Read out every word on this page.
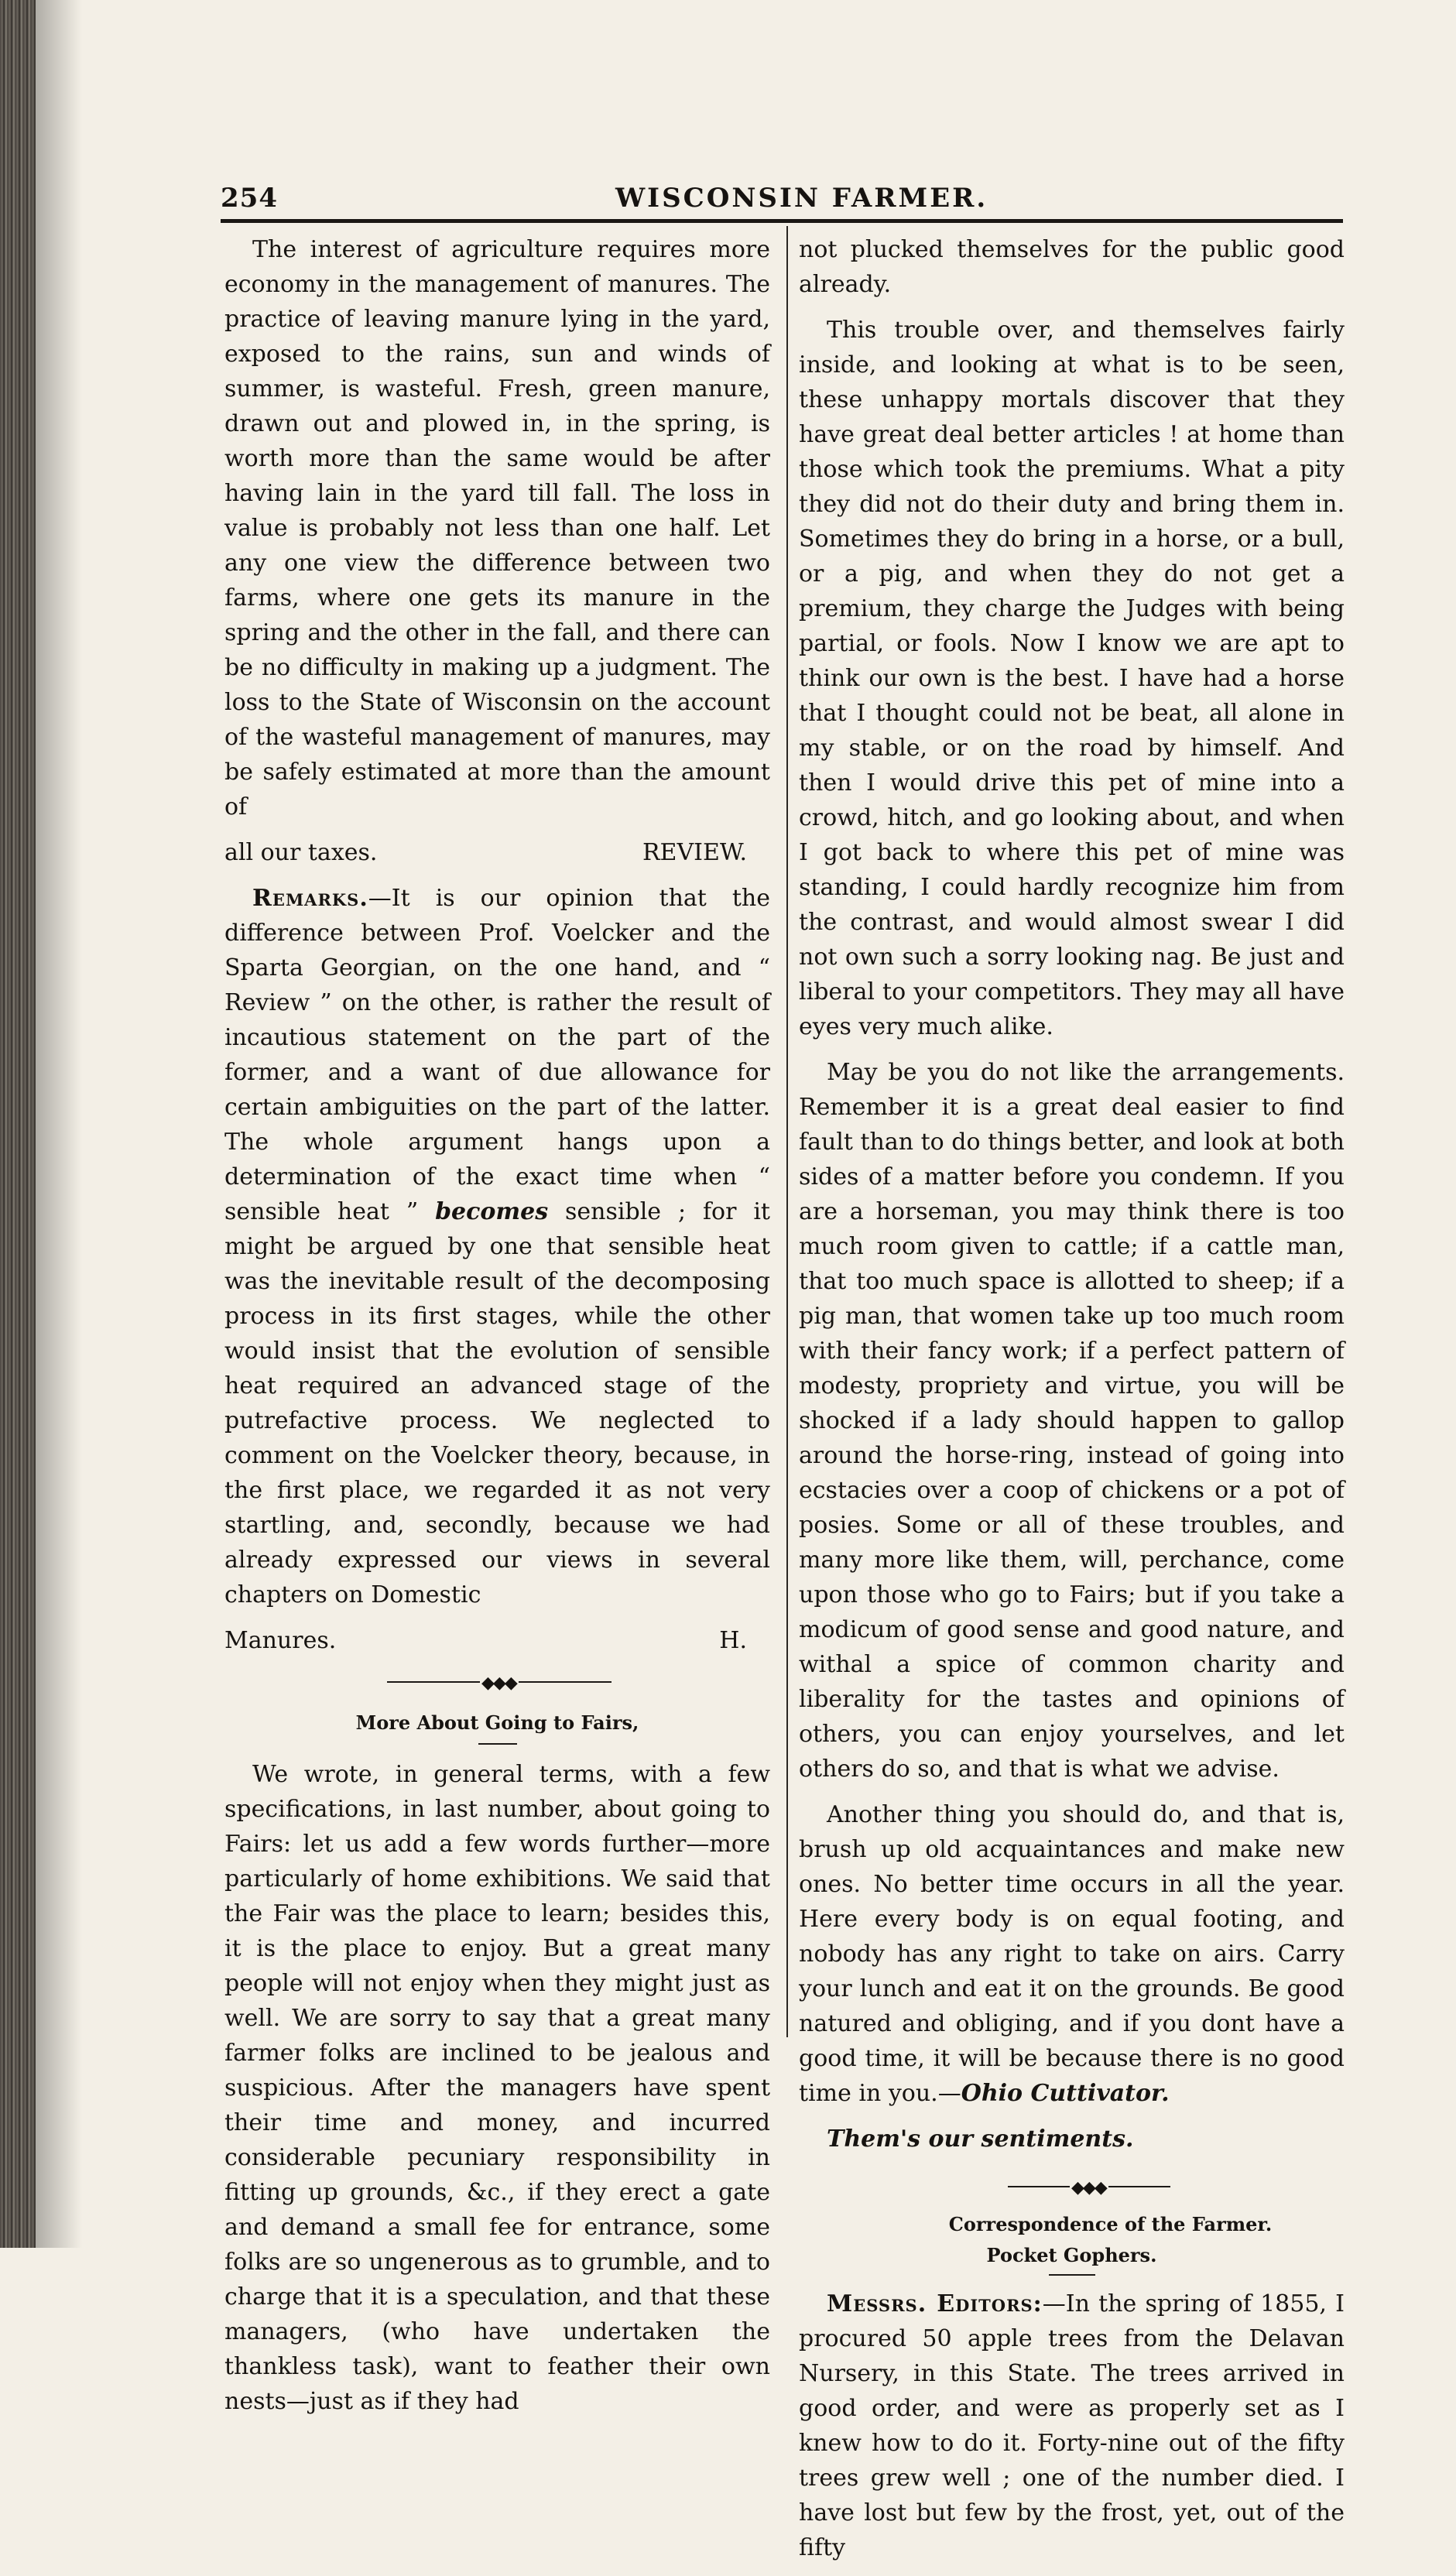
254	WISCONSIN FARMER.

The interest of agriculture requires more economy in the management of manures. The practice of leaving manure lying in the yard, exposed to the rains, sun and winds of summer, is wasteful. Fresh, green manure, drawn out and plowed in, in the spring, is worth more than the same would be after having lain in the yard till fall. The loss in value is probably not less than one half. Let any one view the difference between two farms, where one gets its manure in the spring and the other in the fall, and there can be no difficulty in making up a judgment. The loss to the State of Wisconsin on the account of the wasteful management of manures, may be safely estimated at more than the amount of

all our taxes.	REVIEW.

Remarks.—It is our opinion that the difference between Prof. Voelcker and the Sparta Georgian, on the one hand, and “ Review ” on the other, is rather the result of incautious statement on the part of the former, and a want of due allowance for certain ambiguities on the part of the latter. The whole argument hangs upon a determination of the exact time when “ sensible heat ” becomes sensible ; for it might be argued by one that sensible heat was the inevitable result of the decomposing process in its first stages, while the other would insist that the evolution of sensible heat required an advanced stage of the putrefactive process. We neglected to comment on the Voelcker theory, because, in the first place, we regarded it as not very startling, and, secondly, because we had already expressed our views in several chapters on Domestic

Manures.	H.
◆◆◆
More About Going to Fairs,

We wrote, in general terms, with a few specifications, in last number, about going to Fairs: let us add a few words further—more particularly of home exhibitions. We said that the Fair was the place to learn; besides this, it is the place to enjoy. But a great many people will not enjoy when they might just as well. We are sorry to say that a great many farmer folks are inclined to be jealous and suspicious. After the managers have spent their time and money, and incurred considerable pecuniary responsibility in fitting up grounds, &c., if they erect a gate and demand a small fee for entrance, some folks are so ungenerous as to grumble, and to charge that it is a speculation, and that these managers, (who have undertaken the thankless task), want to feather their own nests—just as if they had

not plucked themselves for the public good already.

This trouble over, and themselves fairly inside, and looking at what is to be seen, these unhappy mortals discover that they have great deal better articles ! at home than those which took the premiums. What a pity they did not do their duty and bring them in. Sometimes they do bring in a horse, or a bull, or a pig, and when they do not get a premium, they charge the Judges with being partial, or fools. Now I know we are apt to think our own is the best. I have had a horse that I thought could not be beat, all alone in my stable, or on the road by himself. And then I would drive this pet of mine into a crowd, hitch, and go looking about, and when I got back to where this pet of mine was standing, I could hardly recognize him from the contrast, and would almost swear I did not own such a sorry looking nag. Be just and liberal to your competitors. They may all have eyes very much alike.

May be you do not like the arrangements. Remember it is a great deal easier to find fault than to do things better, and look at both sides of a matter before you condemn. If you are a horseman, you may think there is too much room given to cattle; if a cattle man, that too much space is allotted to sheep; if a pig man, that women take up too much room with their fancy work; if a perfect pattern of modesty, propriety and virtue, you will be shocked if a lady should happen to gallop around the horse-ring, instead of going into ecstacies over a coop of chickens or a pot of posies. Some or all of these troubles, and many more like them, will, perchance, come upon those who go to Fairs; but if you take a modicum of good sense and good nature, and withal a spice of common charity and liberality for the tastes and opinions of others, you can enjoy yourselves, and let others do so, and that is what we advise.

Another thing you should do, and that is, brush up old acquaintances and make new ones. No better time occurs in all the year. Here every body is on equal footing, and nobody has any right to take on airs. Carry your lunch and eat it on the grounds. Be good natured and obliging, and if you dont have a good time, it will be because there is no good time in you.—Ohio Cuttivator.

Them's our sentiments.

◆◆◆
Correspondence of the Farmer.
Pocket Gophers.

Messrs. Editors:—In the spring of 1855, I procured 50 apple trees from the Delavan Nursery, in this State. The trees arrived in good order, and were as properly set as I knew how to do it. Forty-nine out of the fifty trees grew well ; one of the number died. I have lost but few by the frost, yet, out of the fifty
